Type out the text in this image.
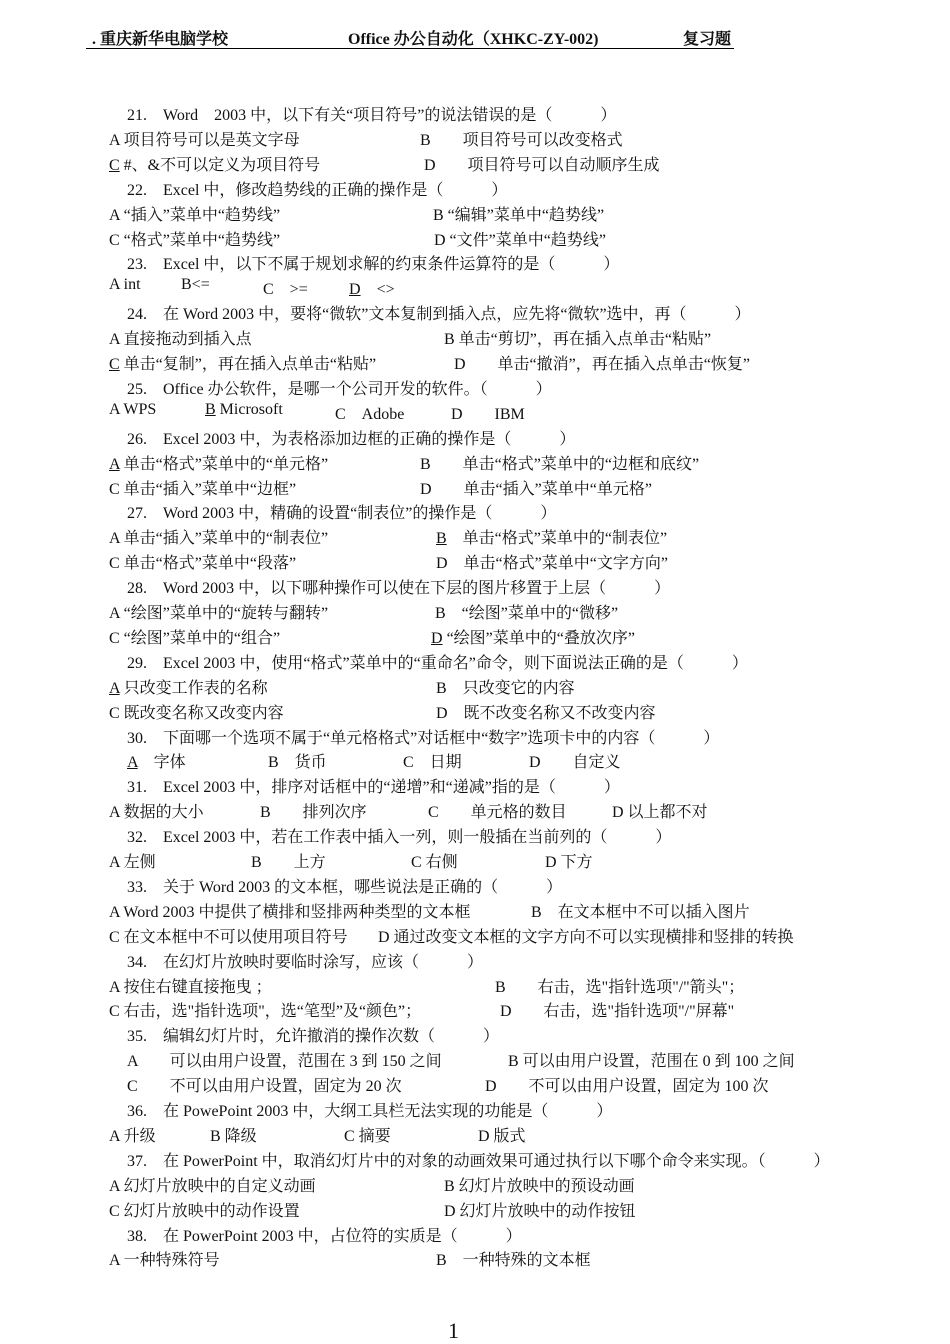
. 重庆新华电脑学校	Office 办公自动化（XHKC-ZY-002)	复习题
21.　Word　2003 中，以下有关“项目符号”的说法错误的是（　　　）
A 项目符号可以是英文字母	B　　项目符号可以改变格式
C #、&不可以定义为项目符号	D　　项目符号可以自动顺序生成
22.　Excel 中，修改趋势线的正确的操作是（　　　）
A “插入”菜单中“趋势线”	B “编辑”菜单中“趋势线”
C “格式”菜单中“趋势线”	D “文件”菜单中“趋势线”
23.　Excel 中，以下不属于规划求解的约束条件运算符的是（　　　）
A int	B<=	C　>=	D　<>
24.　在 Word 2003 中，要将“微软”文本复制到插入点，应先将“微软”选中，再（　　　）
A 直接拖动到插入点	B 单击“剪切”，再在插入点单击“粘贴”
C 单击“复制”，再在插入点单击“粘贴”	D　　单击“撤消”，再在插入点单击“恢复”
25.　Office 办公软件，是哪一个公司开发的软件。（　　　）
A WPS	B Microsoft	C　Adobe	D　　IBM
26.　Excel 2003 中，为表格添加边框的正确的操作是（　　　）
A 单击“格式”菜单中的“单元格”	B　　单击“格式”菜单中的“边框和底纹”
C 单击“插入”菜单中“边框”	D　　单击“插入”菜单中“单元格”
27.　Word 2003 中，精确的设置“制表位”的操作是（　　　）
A 单击“插入”菜单中的“制表位”	B　单击“格式”菜单中的“制表位”
C 单击“格式”菜单中“段落”	D　单击“格式”菜单中“文字方向”
28.　Word 2003 中，以下哪种操作可以使在下层的图片移置于上层（　　　）
A “绘图”菜单中的“旋转与翻转”	B　“绘图”菜单中的“微移”
C “绘图”菜单中的“组合”	D “绘图”菜单中的“叠放次序”
29.　Excel 2003 中，使用“格式”菜单中的“重命名”命令，则下面说法正确的是（　　　）
A 只改变工作表的名称	B　只改变它的内容
C 既改变名称又改变内容	D　既不改变名称又不改变内容
30.　下面哪一个选项不属于“单元格格式”对话框中“数字”选项卡中的内容（　　　）
A　字体	B　货币	C　日期	D　　自定义
31.　Excel 2003 中，排序对话框中的“递增”和“递减”指的是（　　　）
A 数据的大小	B　　排列次序	C　　单元格的数目	D 以上都不对
32.　Excel 2003 中，若在工作表中插入一列，则一般插在当前列的（　　　）
A 左侧	B　　上方	C 右侧	D 下方
33.　关于 Word 2003 的文本框，哪些说法是正确的（　　　）
A Word 2003 中提供了横排和竖排两种类型的文本框	B　在文本框中不可以插入图片
C 在文本框中不可以使用项目符号 D 通过改变文本框的文字方向不可以实现横排和竖排的转换
34.　在幻灯片放映时要临时涂写，应该（　　　）
A 按住右键直接拖曳 ；	B　　右击，选"指针选项"/"箭头"；
C 右击，选"指针选项"，选“笔型”及“颜色”；	D　　右击，选"指针选项"/"屏幕"
35.　编辑幻灯片时，允许撤消的操作次数（　　　）
A　　可以由用户设置，范围在 3 到 150 之间	B 可以由用户设置，范围在 0 到 100 之间
C　　不可以由用户设置，固定为 20 次	D　　不可以由用户设置，固定为 100 次
36.　在 PowePoint 2003 中，大纲工具栏无法实现的功能是（　　　）
A 升级	B 降级	C 摘要	D 版式
37.　在 PowerPoint 中，取消幻灯片中的对象的动画效果可通过执行以下哪个命令来实现。（　　　）
A 幻灯片放映中的自定义动画	B 幻灯片放映中的预设动画
C 幻灯片放映中的动作设置	D 幻灯片放映中的动作按钮
38.　在 PowerPoint 2003 中，占位符的实质是（　　　）
A 一种特殊符号	B　一种特殊的文本框
1
